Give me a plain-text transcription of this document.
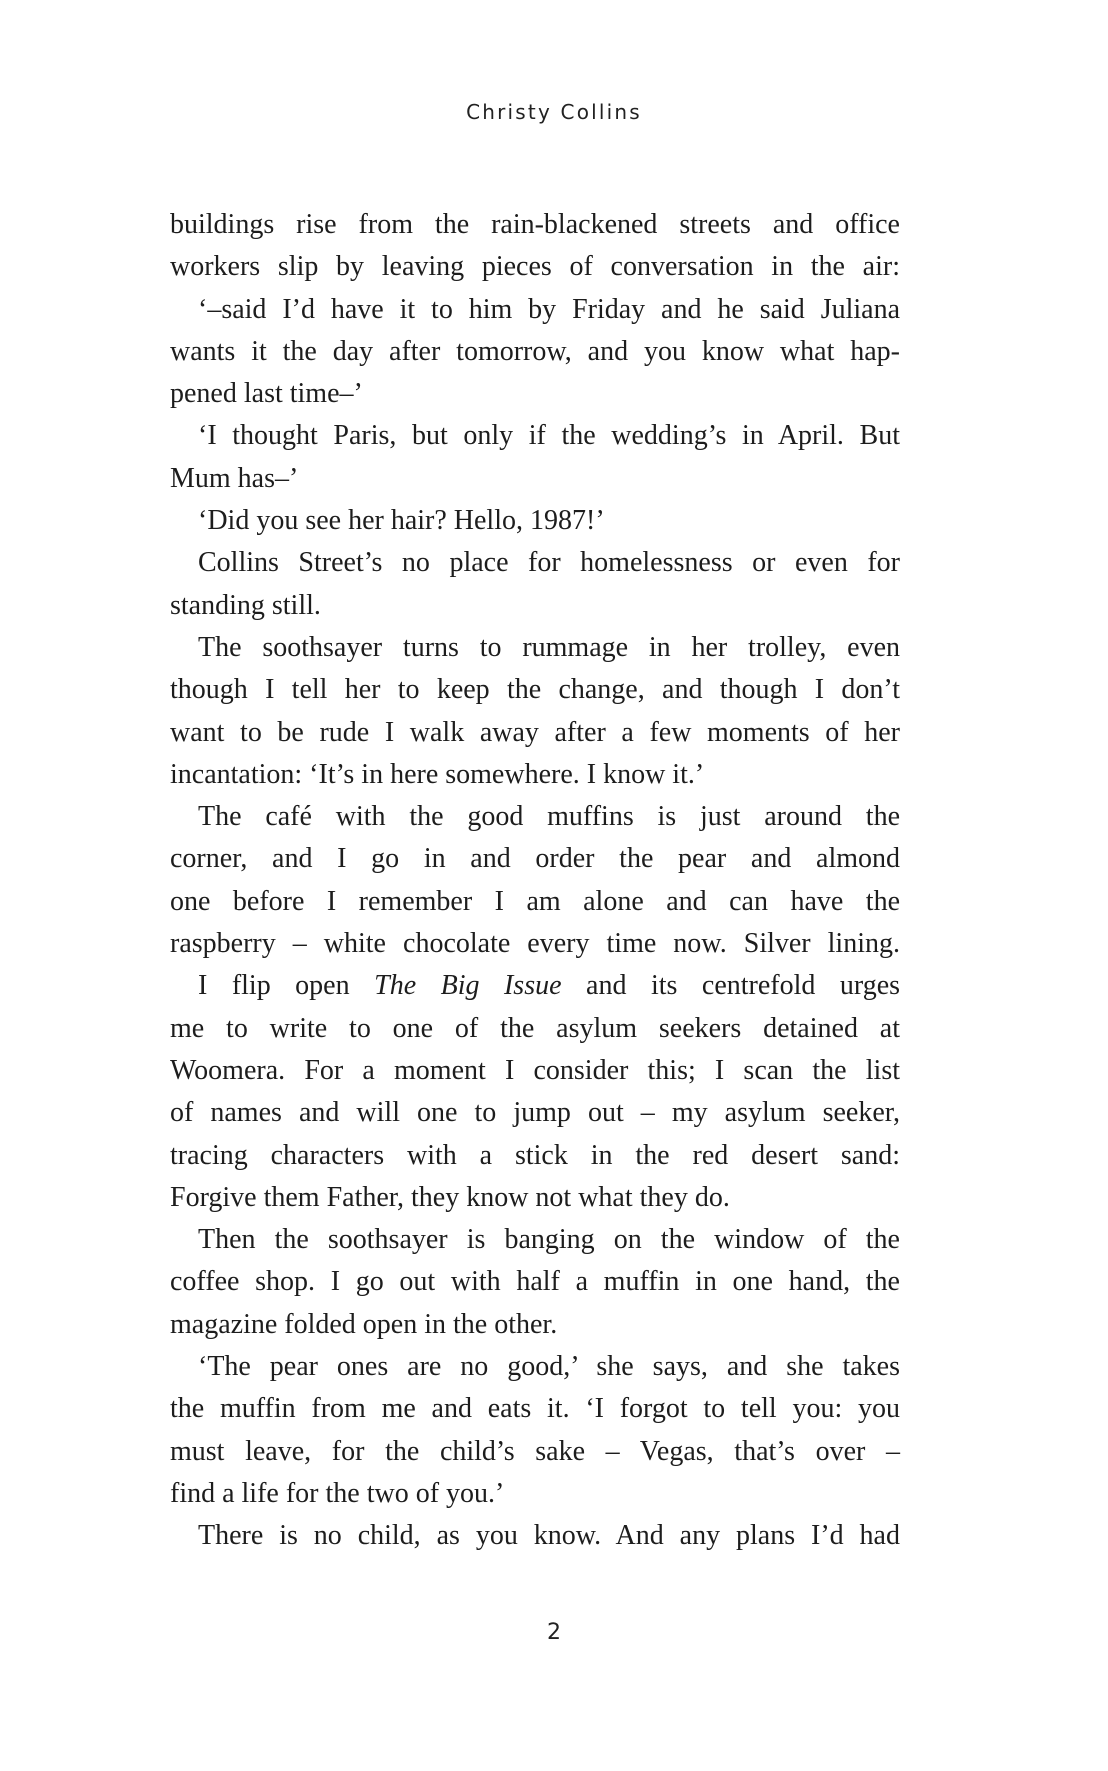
Christy Collins
buildings rise from the rain-blackened streets and office
workers slip by leaving pieces of conversation in the air:
‘–said I’d have it to him by Friday and he said Juliana
wants it the day after tomorrow, and you know what hap-
pened last time–’
‘I thought Paris, but only if the wedding’s in April. But
Mum has–’
‘Did you see her hair? Hello, 1987!’
Collins Street’s no place for homelessness or even for
standing still.
The soothsayer turns to rummage in her trolley, even
though I tell her to keep the change, and though I don’t
want to be rude I walk away after a few moments of her
incantation: ‘It’s in here somewhere. I know it.’
The café with the good muffins is just around the
corner, and I go in and order the pear and almond
one before I remember I am alone and can have the
raspberry – white chocolate every time now. Silver lining.
I flip open The Big Issue and its centrefold urges
me to write to one of the asylum seekers detained at
Woomera. For a moment I consider this; I scan the list
of names and will one to jump out – my asylum seeker,
tracing characters with a stick in the red desert sand:
Forgive them Father, they know not what they do.
Then the soothsayer is banging on the window of the
coffee shop. I go out with half a muffin in one hand, the
magazine folded open in the other.
‘The pear ones are no good,’ she says, and she takes
the muffin from me and eats it. ‘I forgot to tell you: you
must leave, for the child’s sake – Vegas, that’s over –
find a life for the two of you.’
There is no child, as you know. And any plans I’d had
2
